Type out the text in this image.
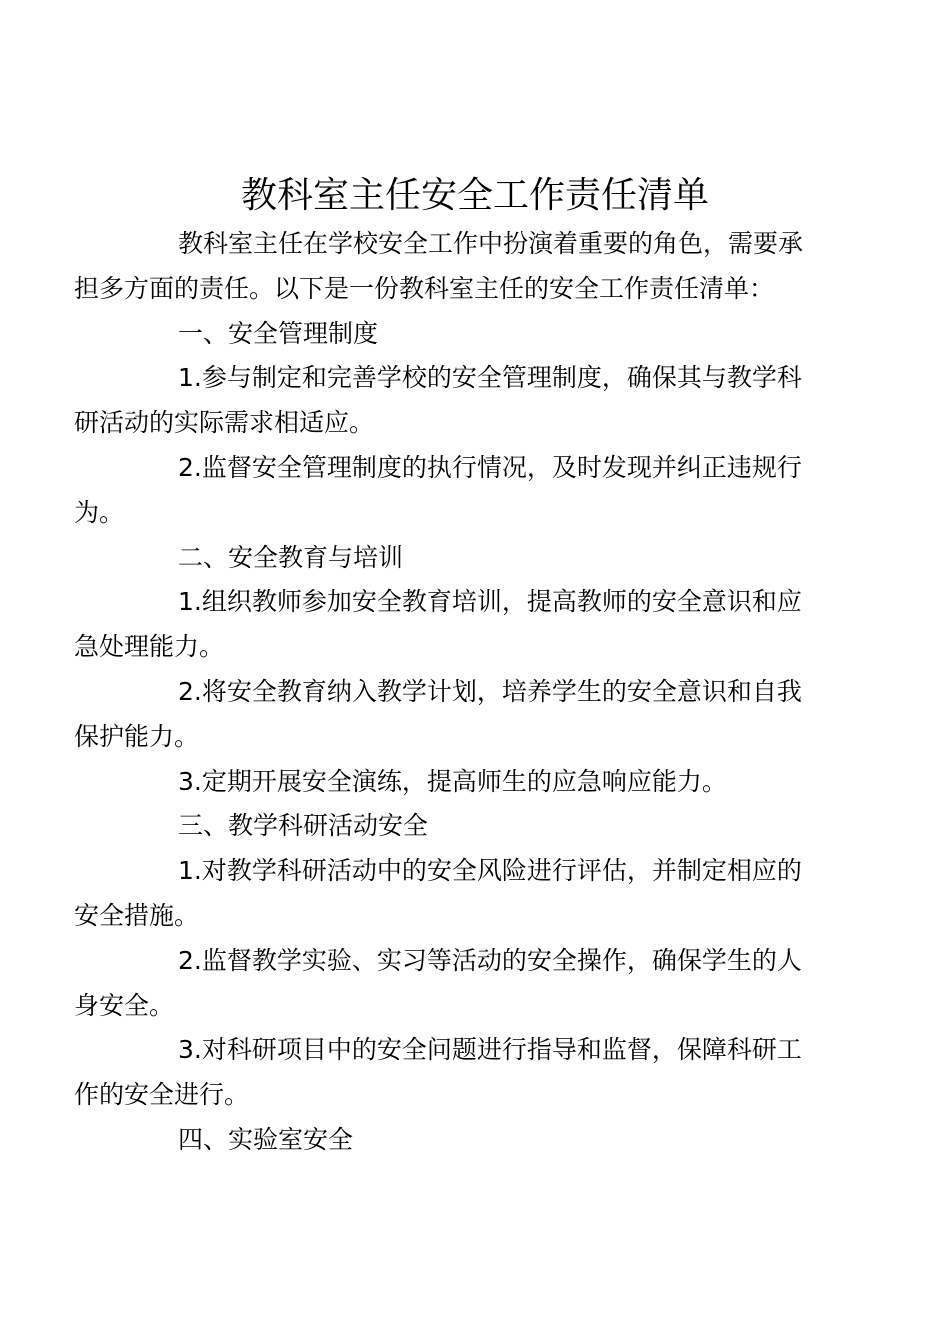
教科室主任安全工作责任清单
教科室主任在学校安全工作中扮演着重要的角色，需要承
担多方面的责任。以下是一份教科室主任的安全工作责任清单：
一、安全管理制度
1.参与制定和完善学校的安全管理制度，确保其与教学科
研活动的实际需求相适应。
2.监督安全管理制度的执行情况，及时发现并纠正违规行
为。
二、安全教育与培训
1.组织教师参加安全教育培训，提高教师的安全意识和应
急处理能力。
2.将安全教育纳入教学计划，培养学生的安全意识和自我
保护能力。
3.定期开展安全演练，提高师生的应急响应能力。
三、教学科研活动安全
1.对教学科研活动中的安全风险进行评估，并制定相应的
安全措施。
2.监督教学实验、实习等活动的安全操作，确保学生的人
身安全。
3.对科研项目中的安全问题进行指导和监督，保障科研工
作的安全进行。
四、实验室安全
